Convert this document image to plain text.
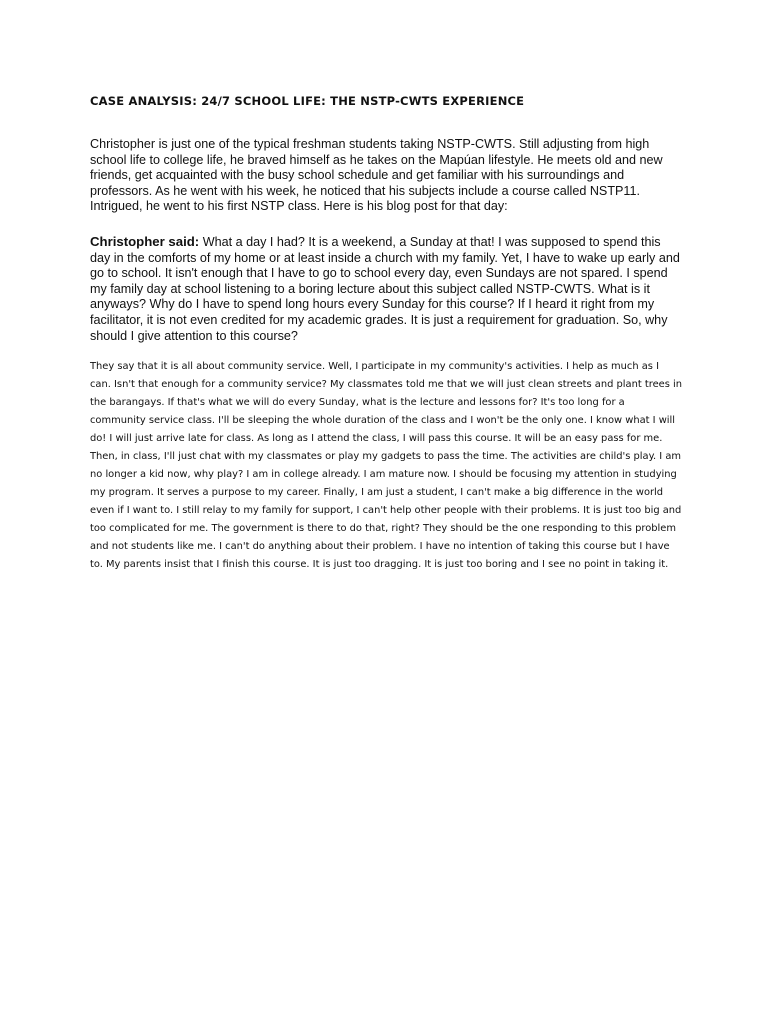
CASE ANALYSIS: 24/7 SCHOOL LIFE: THE NSTP-CWTS EXPERIENCE

Christopher is just one of the typical freshman students taking NSTP-CWTS. Still adjusting from high school life to college life, he braved himself as he takes on the Mapúan lifestyle. He meets old and new friends, get acquainted with the busy school schedule and get familiar with his surroundings and professors. As he went with his week, he noticed that his subjects include a course called NSTP11. Intrigued, he went to his first NSTP class. Here is his blog post for that day:

Christopher said: What a day I had? It is a weekend, a Sunday at that! I was supposed to spend this day in the comforts of my home or at least inside a church with my family. Yet, I have to wake up early and go to school. It isn't enough that I have to go to school every day, even Sundays are not spared. I spend my family day at school listening to a boring lecture about this subject called NSTP-CWTS. What is it anyways? Why do I have to spend long hours every Sunday for this course? If I heard it right from my facilitator, it is not even credited for my academic grades. It is just a requirement for graduation. So, why should I give attention to this course?

They say that it is all about community service. Well, I participate in my community's activities. I help as much as I can. Isn't that enough for a community service? My classmates told me that we will just clean streets and plant trees in the barangays. If that's what we will do every Sunday, what is the lecture and lessons for? It's too long for a community service class. I'll be sleeping the whole duration of the class and I won't be the only one. I know what I will do! I will just arrive late for class. As long as I attend the class, I will pass this course. It will be an easy pass for me. Then, in class, I'll just chat with my classmates or play my gadgets to pass the time. The activities are child's play. I am no longer a kid now, why play? I am in college already. I am mature now. I should be focusing my attention in studying my program. It serves a purpose to my career. Finally, I am just a student, I can't make a big difference in the world even if I want to. I still relay to my family for support, I can't help other people with their problems. It is just too big and too complicated for me. The government is there to do that, right? They should be the one responding to this problem and not students like me. I can't do anything about their problem. I have no intention of taking this course but I have to. My parents insist that I finish this course. It is just too dragging. It is just too boring and I see no point in taking it.
